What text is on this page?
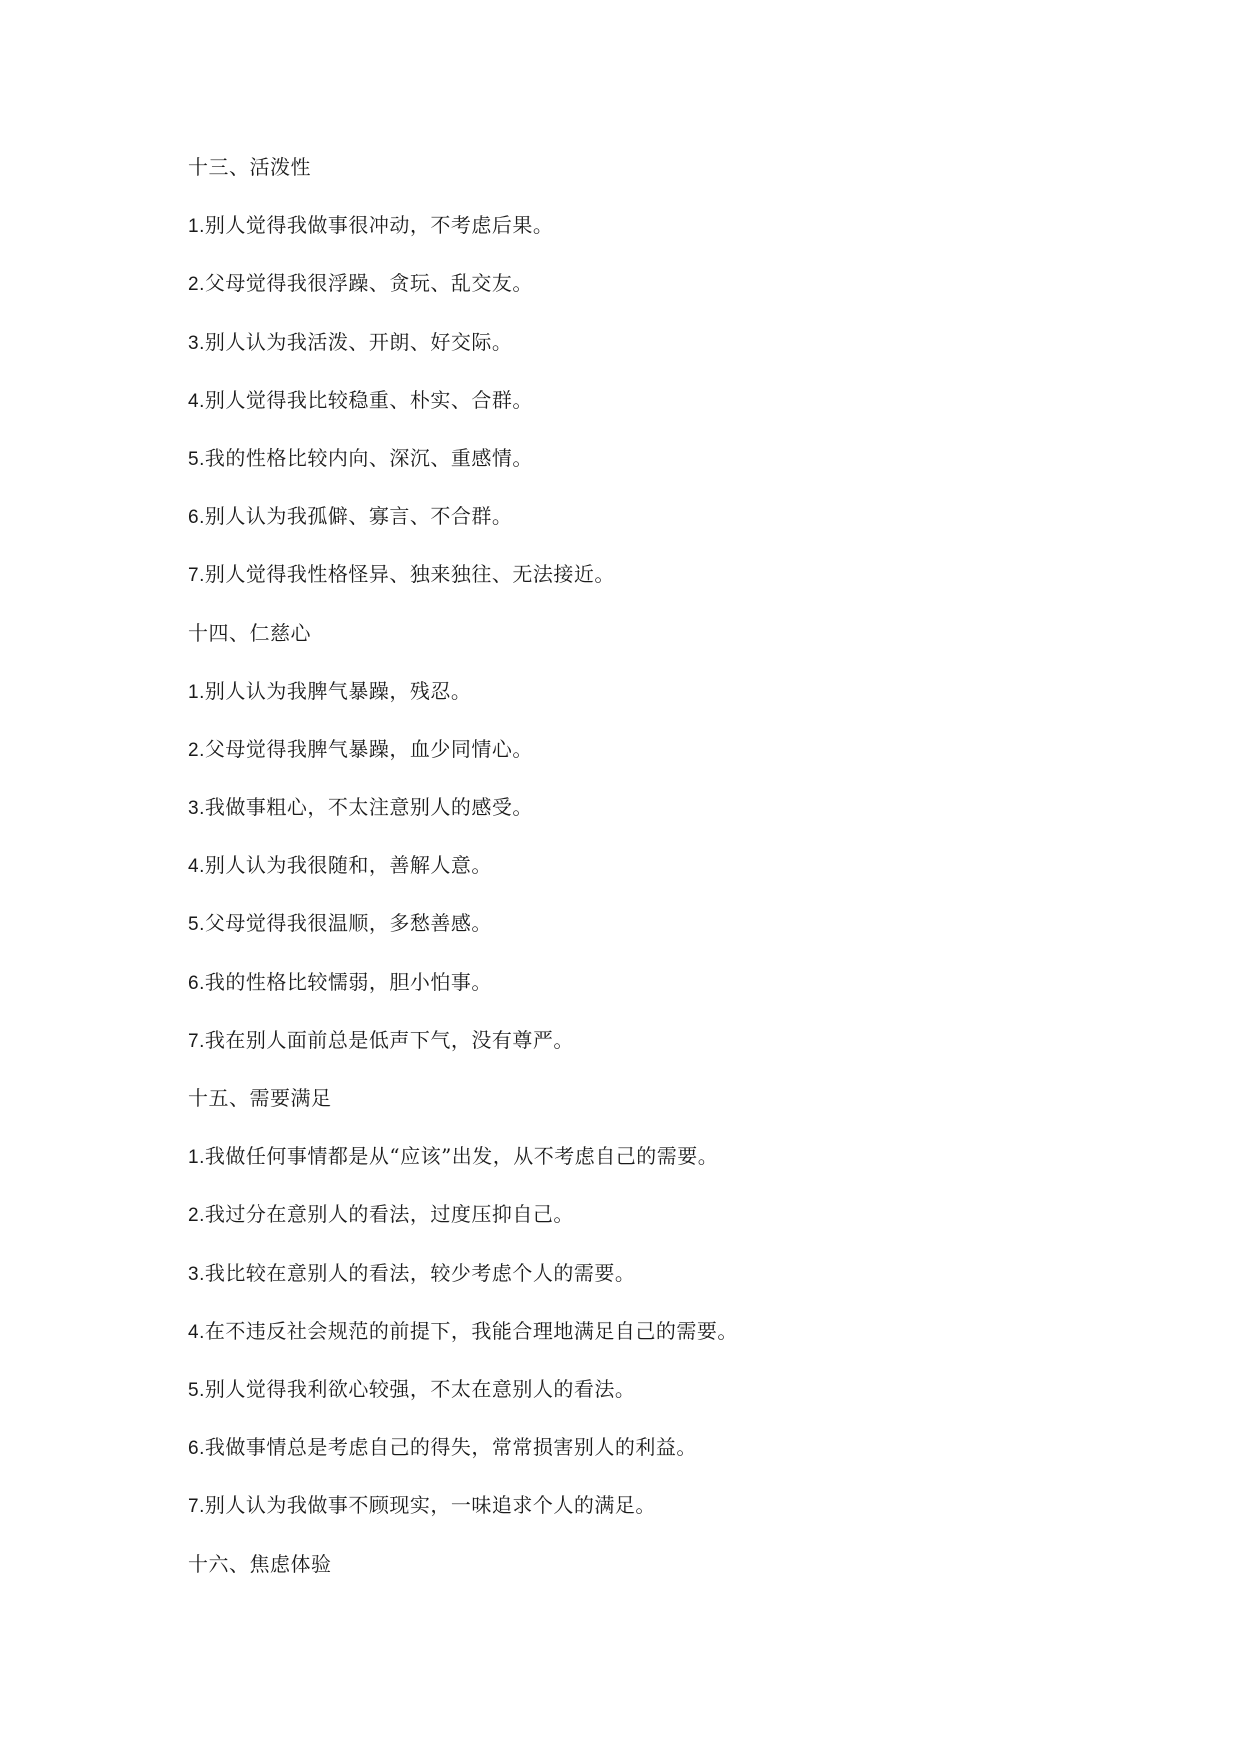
十三、活泼性
1.别人觉得我做事很冲动，不考虑后果。
2.父母觉得我很浮躁、贪玩、乱交友。
3.别人认为我活泼、开朗、好交际。
4.别人觉得我比较稳重、朴实、合群。
5.我的性格比较内向、深沉、重感情。
6.别人认为我孤僻、寡言、不合群。
7.别人觉得我性格怪异、独来独往、无法接近。
十四、仁慈心
1.别人认为我脾气暴躁，残忍。
2.父母觉得我脾气暴躁，血少同情心。
3.我做事粗心，不太注意别人的感受。
4.别人认为我很随和，善解人意。
5.父母觉得我很温顺，多愁善感。
6.我的性格比较懦弱，胆小怕事。
7.我在别人面前总是低声下气，没有尊严。
十五、需要满足
1.我做任何事情都是从“应该”出发，从不考虑自己的需要。
2.我过分在意别人的看法，过度压抑自己。
3.我比较在意别人的看法，较少考虑个人的需要。
4.在不违反社会规范的前提下，我能合理地满足自己的需要。
5.别人觉得我利欲心较强，不太在意别人的看法。
6.我做事情总是考虑自己的得失，常常损害别人的利益。
7.别人认为我做事不顾现实，一味追求个人的满足。
十六、焦虑体验
